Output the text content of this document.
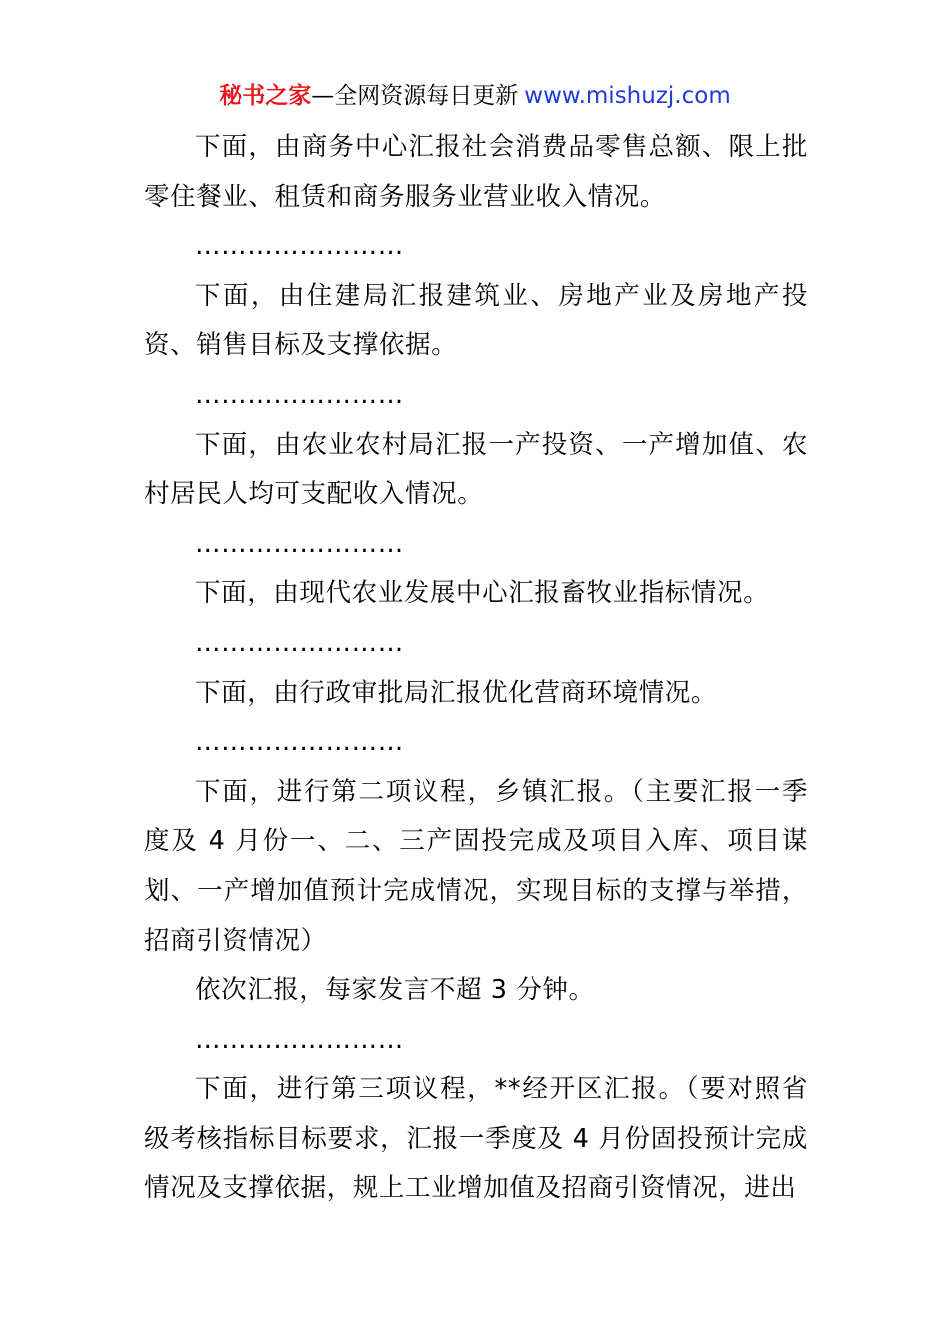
秘书之家—全网资源每日更新 www.mishuzj.com

下面，由商务中心汇报社会消费品零售总额、限上批零住餐业、租赁和商务服务业营业收入情况。

……………………

下面，由住建局汇报建筑业、房地产业及房地产投资、销售目标及支撑依据。

……………………

下面，由农业农村局汇报一产投资、一产增加值、农村居民人均可支配收入情况。

……………………

下面，由现代农业发展中心汇报畜牧业指标情况。

……………………

下面，由行政审批局汇报优化营商环境情况。

……………………

下面，进行第二项议程，乡镇汇报。（主要汇报一季度及 4 月份一、二、三产固投完成及项目入库、项目谋划、一产增加值预计完成情况，实现目标的支撑与举措，招商引资情况）

依次汇报，每家发言不超 3 分钟。

……………………

下面，进行第三项议程，**经开区汇报。（要对照省级考核指标目标要求，汇报一季度及 4 月份固投预计完成情况及支撑依据，规上工业增加值及招商引资情况，进出
